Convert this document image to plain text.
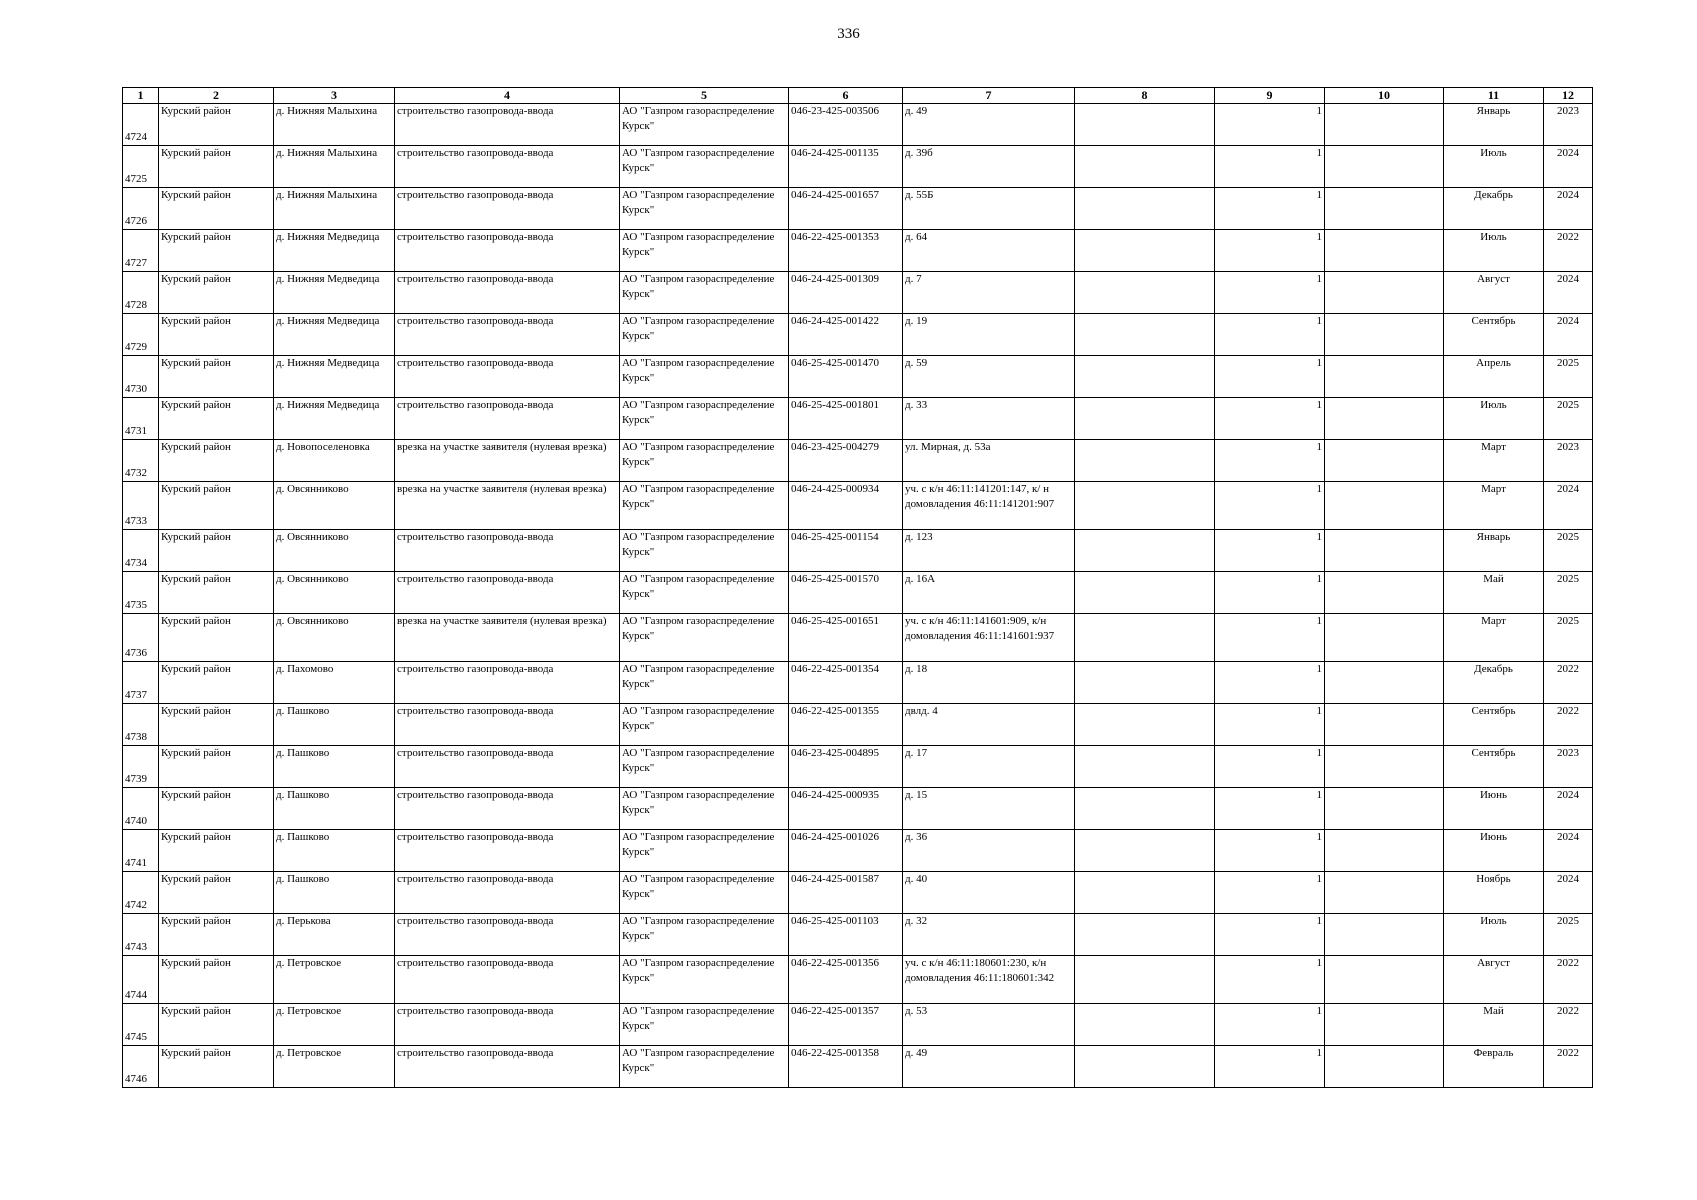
336
1	2	3	4	5	6	7	8	9	10	11	12
4724	Курский район	д. Нижняя Малыхина	строительство газопровода-ввода	АО "Газпром газораспределение Курск"	046-23-425-003506	д. 49		1		Январь	2023
4725	Курский район	д. Нижняя Малыхина	строительство газопровода-ввода	АО "Газпром газораспределение Курск"	046-24-425-001135	д. 39б		1		Июль	2024
4726	Курский район	д. Нижняя Малыхина	строительство газопровода-ввода	АО "Газпром газораспределение Курск"	046-24-425-001657	д. 55Б		1		Декабрь	2024
4727	Курский район	д. Нижняя Медведица	строительство газопровода-ввода	АО "Газпром газораспределение Курск"	046-22-425-001353	д. 64		1		Июль	2022
4728	Курский район	д. Нижняя Медведица	строительство газопровода-ввода	АО "Газпром газораспределение Курск"	046-24-425-001309	д. 7		1		Август	2024
4729	Курский район	д. Нижняя Медведица	строительство газопровода-ввода	АО "Газпром газораспределение Курск"	046-24-425-001422	д. 19		1		Сентябрь	2024
4730	Курский район	д. Нижняя Медведица	строительство газопровода-ввода	АО "Газпром газораспределение Курск"	046-25-425-001470	д. 59		1		Апрель	2025
4731	Курский район	д. Нижняя Медведица	строительство газопровода-ввода	АО "Газпром газораспределение Курск"	046-25-425-001801	д. 33		1		Июль	2025
4732	Курский район	д. Новопоселеновка	врезка на участке заявителя (нулевая врезка)	АО "Газпром газораспределение Курск"	046-23-425-004279	ул. Мирная, д. 53а		1		Март	2023
4733	Курский район	д. Овсянниково	врезка на участке заявителя (нулевая врезка)	АО "Газпром газораспределение Курск"	046-24-425-000934	уч. с к/н 46:11:141201:147, к/ н домовладения 46:11:141201:907		1		Март	2024
4734	Курский район	д. Овсянниково	строительство газопровода-ввода	АО "Газпром газораспределение Курск"	046-25-425-001154	д. 123		1		Январь	2025
4735	Курский район	д. Овсянниково	строительство газопровода-ввода	АО "Газпром газораспределение Курск"	046-25-425-001570	д. 16А		1		Май	2025
4736	Курский район	д. Овсянниково	врезка на участке заявителя (нулевая врезка)	АО "Газпром газораспределение Курск"	046-25-425-001651	уч. с к/н 46:11:141601:909, к/н домовладения 46:11:141601:937		1		Март	2025
4737	Курский район	д. Пахомово	строительство газопровода-ввода	АО "Газпром газораспределение Курск"	046-22-425-001354	д. 18		1		Декабрь	2022
4738	Курский район	д. Пашково	строительство газопровода-ввода	АО "Газпром газораспределение Курск"	046-22-425-001355	двлд. 4		1		Сентябрь	2022
4739	Курский район	д. Пашково	строительство газопровода-ввода	АО "Газпром газораспределение Курск"	046-23-425-004895	д. 17		1		Сентябрь	2023
4740	Курский район	д. Пашково	строительство газопровода-ввода	АО "Газпром газораспределение Курск"	046-24-425-000935	д. 15		1		Июнь	2024
4741	Курский район	д. Пашково	строительство газопровода-ввода	АО "Газпром газораспределение Курск"	046-24-425-001026	д. 36		1		Июнь	2024
4742	Курский район	д. Пашково	строительство газопровода-ввода	АО "Газпром газораспределение Курск"	046-24-425-001587	д. 40		1		Ноябрь	2024
4743	Курский район	д. Перькова	строительство газопровода-ввода	АО "Газпром газораспределение Курск"	046-25-425-001103	д. 32		1		Июль	2025
4744	Курский район	д. Петровское	строительство газопровода-ввода	АО "Газпром газораспределение Курск"	046-22-425-001356	уч. с к/н 46:11:180601:230, к/н домовладения 46:11:180601:342		1		Август	2022
4745	Курский район	д. Петровское	строительство газопровода-ввода	АО "Газпром газораспределение Курск"	046-22-425-001357	д. 53		1		Май	2022
4746	Курский район	д. Петровское	строительство газопровода-ввода	АО "Газпром газораспределение Курск"	046-22-425-001358	д. 49		1		Февраль	2022
